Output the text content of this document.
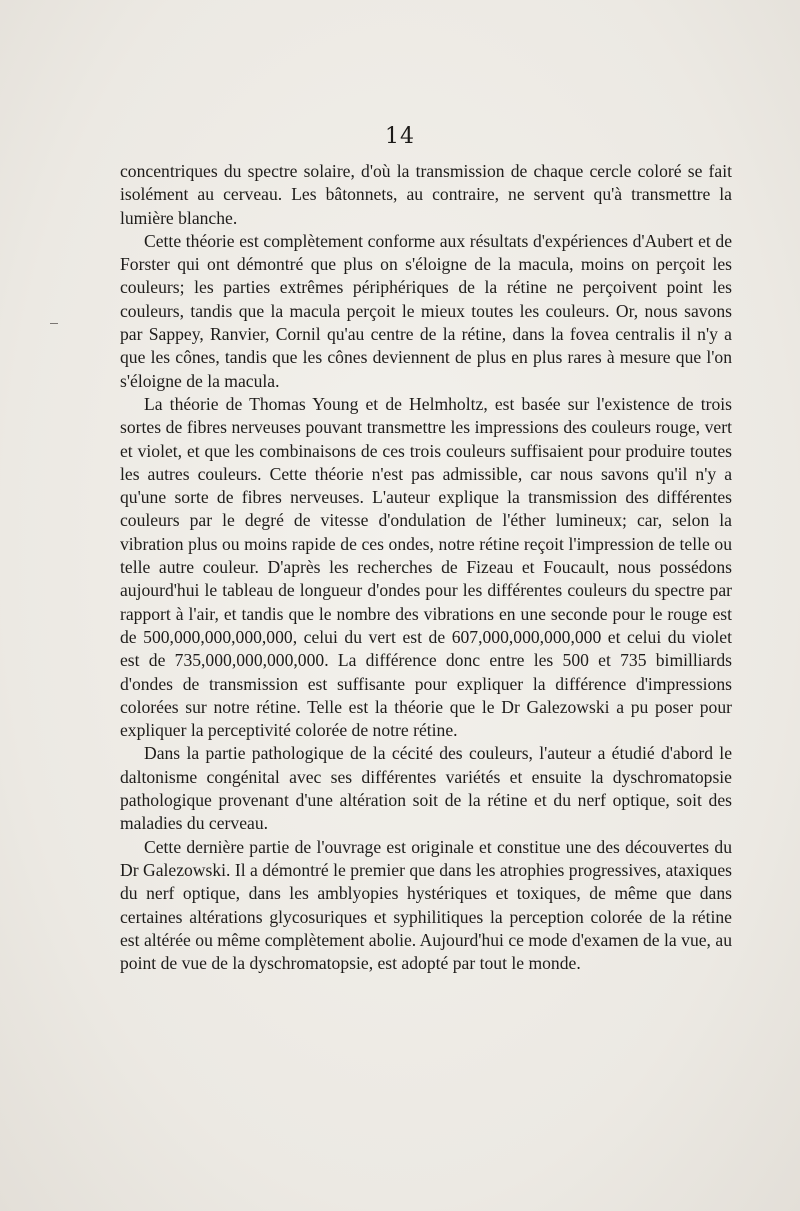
14

concentriques du spectre solaire, d'où la transmission de chaque cercle coloré se fait isolément au cerveau. Les bâtonnets, au contraire, ne servent qu'à transmettre la lumière blanche.

Cette théorie est complètement conforme aux résultats d'expériences d'Aubert et de Forster qui ont démontré que plus on s'éloigne de la macula, moins on perçoit les couleurs; les parties extrêmes périphériques de la rétine ne perçoivent point les couleurs, tandis que la macula perçoit le mieux toutes les couleurs. Or, nous savons par Sappey, Ranvier, Cornil qu'au centre de la rétine, dans la fovea centralis il n'y a que les cônes, tandis que les cônes deviennent de plus en plus rares à mesure que l'on s'éloigne de la macula.

La théorie de Thomas Young et de Helmholtz, est basée sur l'existence de trois sortes de fibres nerveuses pouvant transmettre les impressions des couleurs rouge, vert et violet, et que les combinaisons de ces trois couleurs suffisaient pour produire toutes les autres couleurs. Cette théorie n'est pas admissible, car nous savons qu'il n'y a qu'une sorte de fibres nerveuses. L'auteur explique la transmission des différentes couleurs par le degré de vitesse d'ondulation de l'éther lumineux; car, selon la vibration plus ou moins rapide de ces ondes, notre rétine reçoit l'impression de telle ou telle autre couleur. D'après les recherches de Fizeau et Foucault, nous possédons aujourd'hui le tableau de longueur d'ondes pour les différentes couleurs du spectre par rapport à l'air, et tandis que le nombre des vibrations en une seconde pour le rouge est de 500,000,000,000,000, celui du vert est de 607,000,000,000,000 et celui du violet est de 735,000,000,000,000. La différence donc entre les 500 et 735 bimilliards d'ondes de transmission est suffisante pour expliquer la différence d'impressions colorées sur notre rétine. Telle est la théorie que le Dr Galezowski a pu poser pour expliquer la perceptivité colorée de notre rétine.

Dans la partie pathologique de la cécité des couleurs, l'auteur a étudié d'abord le daltonisme congénital avec ses différentes variétés et ensuite la dyschromatopsie pathologique provenant d'une altération soit de la rétine et du nerf optique, soit des maladies du cerveau.

Cette dernière partie de l'ouvrage est originale et constitue une des découvertes du Dr Galezowski. Il a démontré le premier que dans les atrophies progressives, ataxiques du nerf optique, dans les amblyopies hystériques et toxiques, de même que dans certaines altérations glycosuriques et syphilitiques la perception colorée de la rétine est altérée ou même complètement abolie. Aujourd'hui ce mode d'examen de la vue, au point de vue de la dyschromatopsie, est adopté par tout le monde.
